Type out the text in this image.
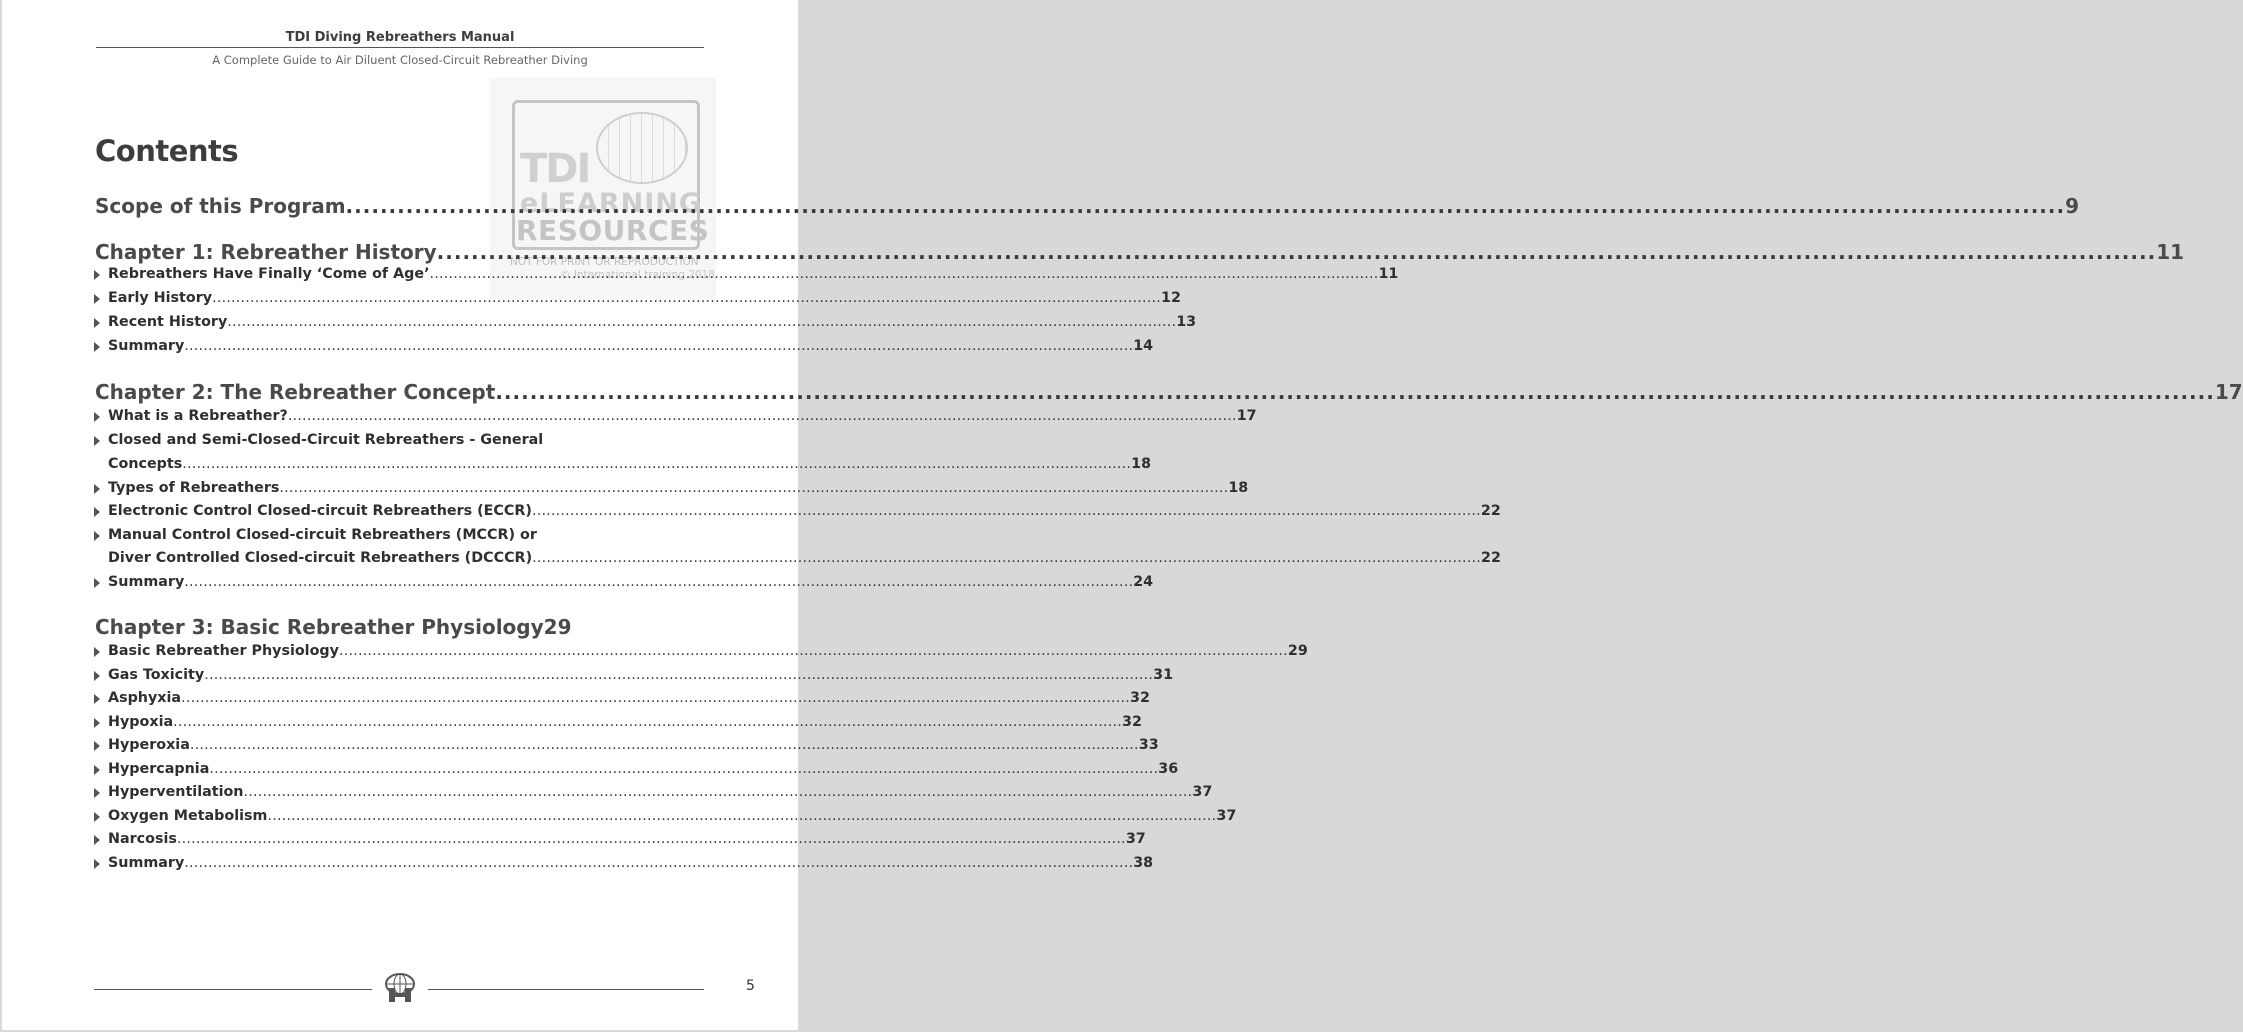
TDI Diving Rebreathers Manual
A Complete Guide to Air Diluent Closed-Circuit Rebreather Diving
TDI
eLEARNING
RESOURCES
NOT FOR PRINT OR REPRODUCTION
© International training 2018
Contents
Scope of this Program .....	9
Chapter 1: Rebreather History .....	11
Rebreathers Have Finally ‘Come of Age’ .....	11
Early History .....	12
Recent History .....	13
Summary .....	14
Chapter 2: The Rebreather Concept .....	17
What is a Rebreather? .....	17
Closed and Semi-Closed-Circuit Rebreathers - General
Concepts .....	18
Types of Rebreathers .....	18
Electronic Control Closed-circuit Rebreathers (ECCR) .....	22
Manual Control Closed-circuit Rebreathers (MCCR) or
Diver Controlled Closed-circuit Rebreathers (DCCCR) .....	22
Summary .....	24
Chapter 3: Basic Rebreather Physiology 29
Basic Rebreather Physiology .....	29
Gas Toxicity .....	31
Asphyxia .....	32
Hypoxia .....	32
Hyperoxia .....	33
Hypercapnia .....	36
Hyperventilation .....	37
Oxygen Metabolism .....	37
Narcosis .....	37
Summary .....	38
5
